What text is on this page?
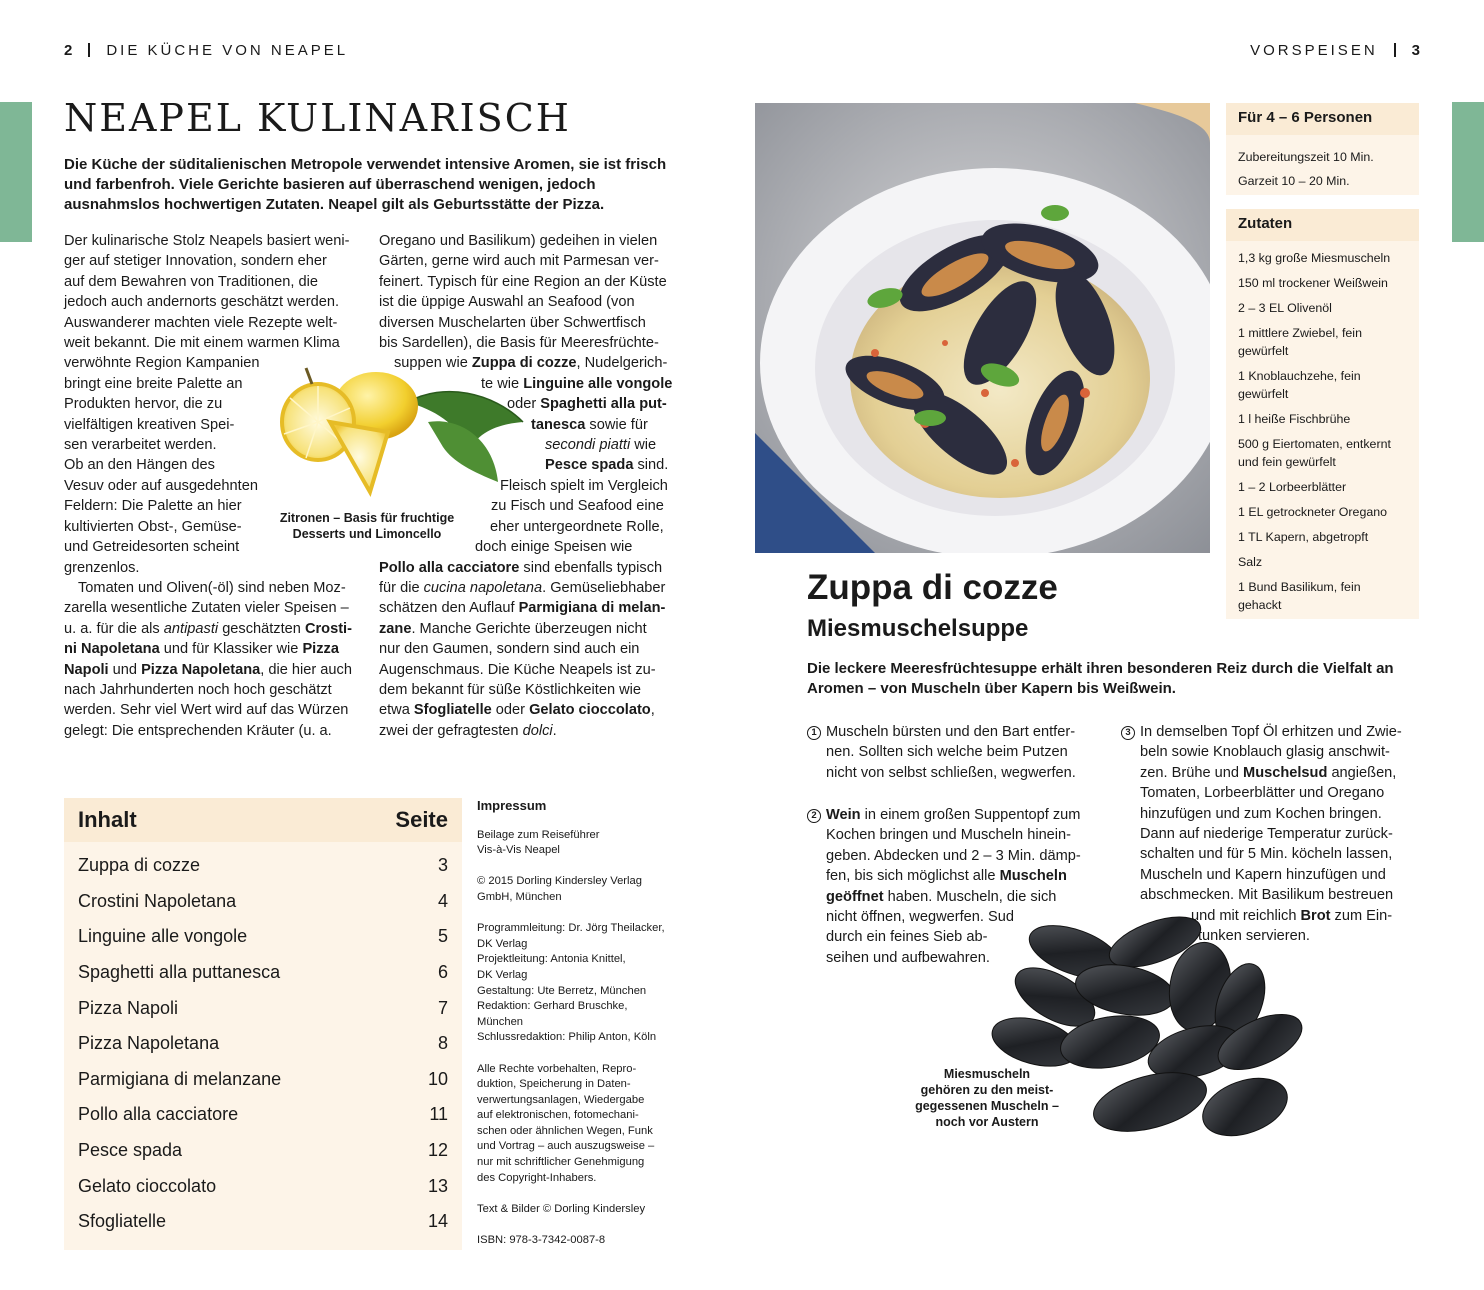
2 DIE KÜCHE VON NEAPEL	VORSPEISEN 3
NEAPEL KULINARISCH
Die Küche der süditalienischen Metropole verwendet intensive Aromen, sie ist frisch und farbenfroh. Viele Gerichte basieren auf überraschend wenigen, jedoch ausnahmslos hochwertigen Zutaten. Neapel gilt als Geburtsstätte der Pizza.

Der kulinarische Stolz Neapels basiert weni-

ger auf stetiger Innovation, sondern eher

auf dem Bewahren von Traditionen, die

jedoch auch andernorts geschätzt werden.

Auswanderer machten viele Rezepte welt-

weit bekannt. Die mit einem warmen Klima

verwöhnte Region Kampanien

bringt eine breite Palette an

Produkten hervor, die zu

vielfältigen kreativen Spei-

sen verarbeitet werden.

Ob an den Hängen des

Vesuv oder auf ausgedehnten

Feldern: Die Palette an hier

kultivierten Obst-, Gemüse-

und Getreidesorten scheint

grenzenlos.

Tomaten und Oliven(-öl) sind neben Moz-

zarella wesentliche Zutaten vieler Speisen –

u. a. für die als antipasti geschätzten Crosti-

ni Napoletana und für Klassiker wie Pizza

Napoli und Pizza Napoletana, die hier auch

nach Jahrhunderten noch hoch geschätzt

werden. Sehr viel Wert wird auf das Würzen

gelegt: Die entsprechenden Kräuter (u. a.

Oregano und Basilikum) gedeihen in vielen

Gärten, gerne wird auch mit Parmesan ver-

feinert. Typisch für eine Region an der Küste

ist die üppige Auswahl an Seafood (von

diversen Muschelarten über Schwertfisch

bis Sardellen), die Basis für Meeresfrüchte-

suppen wie Zuppa di cozze, Nudelgerich-

te wie Linguine alle vongole

oder Spaghetti alla put-

tanesca sowie für

secondi piatti wie

Pesce spada sind.

Fleisch spielt im Vergleich

zu Fisch und Seafood eine

eher untergeordnete Rolle,

doch einige Speisen wie

Pollo alla cacciatore sind ebenfalls typisch

für die cucina napoletana. Gemüseliebhaber

schätzen den Auflauf Parmigiana di melan-

zane. Manche Gerichte überzeugen nicht

nur den Gaumen, sondern sind auch ein

Augenschmaus. Die Küche Neapels ist zu-

dem bekannt für süße Köstlichkeiten wie

etwa Sfogliatelle oder Gelato cioccolato,

zwei der gefragtesten dolci.

Zitronen – Basis für fruchtige
Desserts und Limoncello
Inhalt	Seite
Zuppa di cozze	3
Crostini Napoletana	4
Linguine alle vongole	5
Spaghetti alla puttanesca	6
Pizza Napoli	7
Pizza Napoletana	8
Parmigiana di melanzane	10
Pollo alla cacciatore	11
Pesce spada	12
Gelato cioccolato	13
Sfogliatelle	14
Impressum

Beilage zum Reiseführer
Vis-à-Vis Neapel

© 2015 Dorling Kindersley Verlag
GmbH, München

Programmleitung: Dr. Jörg Theilacker,
DK Verlag
Projektleitung: Antonia Knittel,
DK Verlag
Gestaltung: Ute Berretz, München
Redaktion: Gerhard Bruschke,
München
Schlussredaktion: Philip Anton, Köln

Alle Rechte vorbehalten, Repro-
duktion, Speicherung in Daten-
verwertungsanlagen, Wiedergabe
auf elektronischen, fotomechani-
schen oder ähnlichen Wegen, Funk
und Vortrag – auch auszugsweise –
nur mit schriftlicher Genehmigung
des Copyright-Inhabers.

Text & Bilder © Dorling Kindersley

ISBN: 978-3-7342-0087-8

Für 4 – 6 Personen
Zubereitungszeit 10 Min.
Garzeit 10 – 20 Min.
Zutaten
1,3 kg große Miesmuscheln
150 ml trockener Weißwein
2 – 3 EL Olivenöl
1 mittlere Zwiebel, fein gewürfelt
1 Knoblauchzehe, fein gewürfelt
1 l heiße Fischbrühe
500 g Eiertomaten, entkernt und fein gewürfelt
1 – 2 Lorbeerblätter
1 EL getrockneter Oregano
1 TL Kapern, abgetropft
Salz
1 Bund Basilikum, fein gehackt
Zuppa di cozze
Miesmuschelsuppe
Die leckere Meeresfrüchtesuppe erhält ihren besonderen Reiz durch die Vielfalt an Aromen – von Muscheln über Kapern bis Weißwein.

1 Muscheln bürsten und den Bart entfer-

nen. Sollten sich welche beim Putzen

nicht von selbst schließen, wegwerfen.

2 Wein in einem großen Suppentopf zum

Kochen bringen und Muscheln hinein-

geben. Abdecken und 2 – 3 Min. dämp-

fen, bis sich möglichst alle Muscheln

geöffnet haben. Muscheln, die sich

nicht öffnen, wegwerfen. Sud

durch ein feines Sieb ab-

seihen und aufbewahren.

3 In demselben Topf Öl erhitzen und Zwie-

beln sowie Knoblauch glasig anschwit-

zen. Brühe und Muschelsud angießen,

Tomaten, Lorbeerblätter und Oregano

hinzufügen und zum Kochen bringen.

Dann auf niederige Temperatur zurück-

schalten und für 5 Min. köcheln lassen,

Muscheln und Kapern hinzufügen und

abschmecken. Mit Basilikum bestreuen

und mit reichlich Brot zum Ein-

tunken servieren.

Miesmuscheln
gehören zu den meist-
gegessenen Muscheln –
noch vor Austern
